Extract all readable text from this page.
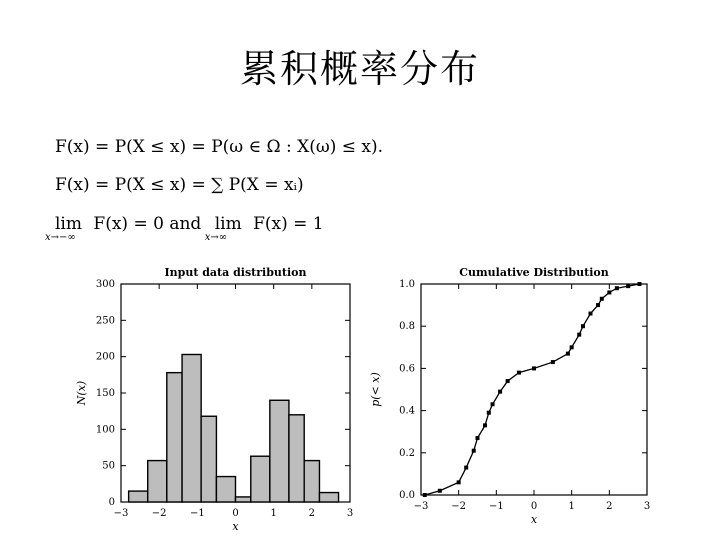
累积概率分布
F(x) = P(X ≤ x) = P(ω ∈ Ω : X(ω) ≤ x).
F(x) = P(X ≤ x) = ∑ P(X = xᵢ)
lim
x→−∞
F(x) = 0 and lim
x→∞
F(x) = 1
Input data distribution
−3 −2 −1	0	1	2	3
0
50
100
150
200
250
300
x
N(x)
Cumulative Distribution
−3 −2 −1	0	1	2	3
0.0
0.2
0.4
0.6
0.8
1.0
x
p(< x)
